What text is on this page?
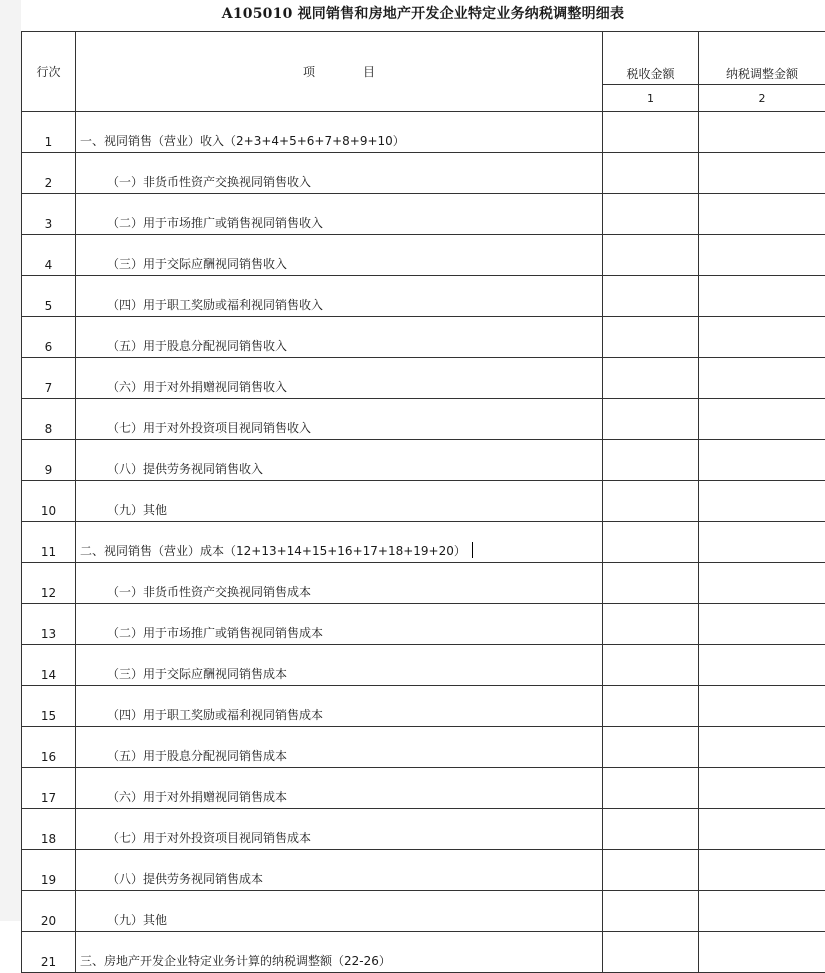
A105010 视同销售和房地产开发企业特定业务纳税调整明细表
行次	项　　　　目	税收金额	纳税调整金额
		1	2
1	一、视同销售（营业）收入（2+3+4+5+6+7+8+9+10）		
2	（一）非货币性资产交换视同销售收入		
3	（二）用于市场推广或销售视同销售收入		
4	（三）用于交际应酬视同销售收入		
5	（四）用于职工奖励或福利视同销售收入		
6	（五）用于股息分配视同销售收入		
7	（六）用于对外捐赠视同销售收入		
8	（七）用于对外投资项目视同销售收入		
9	（八）提供劳务视同销售收入		
10	（九）其他		
11	二、视同销售（营业）成本（12+13+14+15+16+17+18+19+20）		
12	（一）非货币性资产交换视同销售成本		
13	（二）用于市场推广或销售视同销售成本		
14	（三）用于交际应酬视同销售成本		
15	（四）用于职工奖励或福利视同销售成本		
16	（五）用于股息分配视同销售成本		
17	（六）用于对外捐赠视同销售成本		
18	（七）用于对外投资项目视同销售成本		
19	（八）提供劳务视同销售成本		
20	（九）其他		
21	三、房地产开发企业特定业务计算的纳税调整额（22-26）		
